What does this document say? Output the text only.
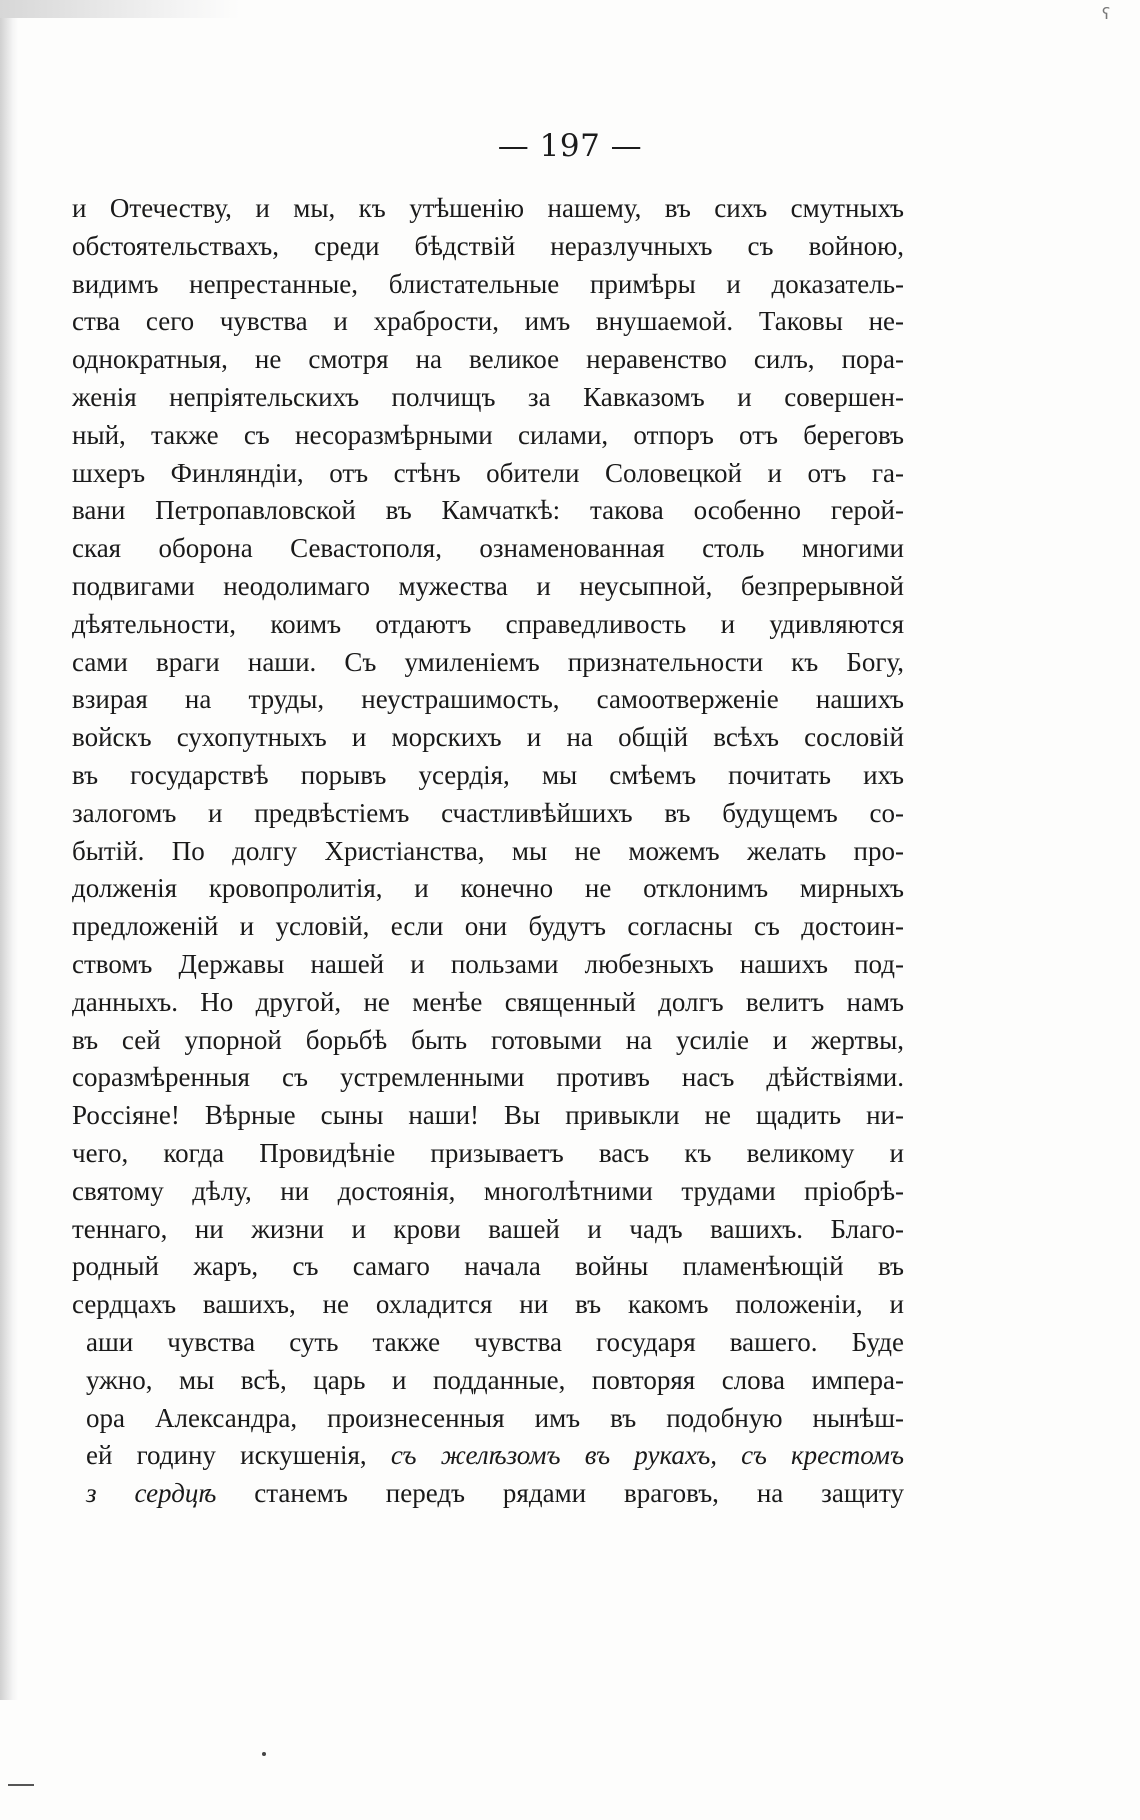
ʕ
— 197 —
и Отечеству, и мы, къ утѣшенію нашему, въ сихъ смутныхъ
обстоятельствахъ, среди бѣдствій неразлучныхъ съ войною,
видимъ непрестанные, блистательные примѣры и доказатель-
ства сего чувства и храбрости, имъ внушаемой. Таковы не-
однократныя, не смотря на великое неравенство силъ, пора-
женія непріятельскихъ полчищъ за Кавказомъ и совершен-
ный, также съ несоразмѣрными силами, отпоръ отъ береговъ
шхеръ Финляндіи, отъ стѣнъ обители Соловецкой и отъ га-
вани Петропавловской въ Камчаткѣ: такова особенно герой-
ская оборона Севастополя, ознаменованная столь многими
подвигами неодолимаго мужества и неусыпной, безпрерывной
дѣятельности, коимъ отдаютъ справедливость и удивляются
сами враги наши. Съ умиленіемъ признательности къ Богу,
взирая на труды, неустрашимость, самоотверженіе нашихъ
войскъ сухопутныхъ и морскихъ и на общій всѣхъ сословій
въ государствѣ порывъ усердія, мы смѣемъ почитать ихъ
залогомъ и предвѣстіемъ счастливѣйшихъ въ будущемъ со-
бытій. По долгу Христіанства, мы не можемъ желать про-
долженія кровопролитія, и конечно не отклонимъ мирныхъ
предложеній и условій, если они будутъ согласны съ достоин-
ствомъ Державы нашей и пользами любезныхъ нашихъ под-
данныхъ. Но другой, не менѣе священный долгъ велитъ намъ
въ сей упорной борьбѣ быть готовыми на усиліе и жертвы,
соразмѣренныя съ устремленными противъ насъ дѣйствіями.
Россіяне! Вѣрные сыны наши! Вы привыкли не щадить ни-
чего, когда Провидѣніе призываетъ васъ къ великому и
святому дѣлу, ни достоянія, многолѣтними трудами пріобрѣ-
теннаго, ни жизни и крови вашей и чадъ вашихъ. Благо-
родный жаръ, съ самаго начала войны пламенѣющій въ
сердцахъ вашихъ, не охладится ни въ какомъ положеніи, и
аши чувства суть также чувства государя вашего. Буде
ужно, мы всѣ, царь и подданные, повторяя слова импера-
ора Александра, произнесенныя имъ въ подобную нынѣш-
ей годину искушенія, съ желѣзомъ въ рукахъ, съ крестомъ
з сердцѣ станемъ передъ рядами враговъ, на защиту
